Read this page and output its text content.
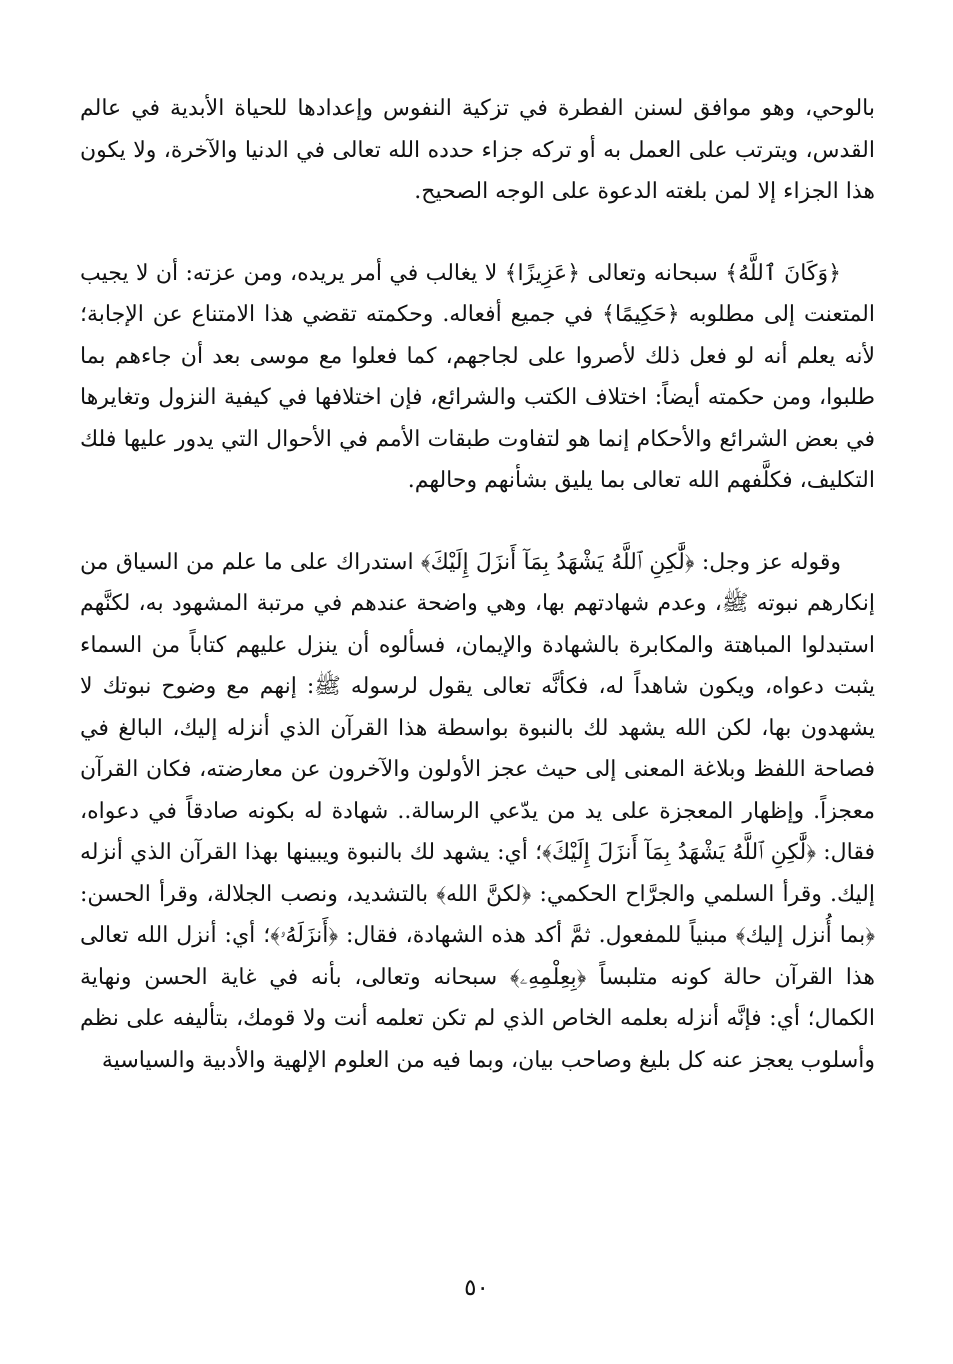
بالوحي، وهو موافق لسنن الفطرة في تزكية النفوس وإعدادها للحياة الأبدية في عالم القدس، ويترتب على العمل به أو تركه جزاء حدده الله تعالى في الدنيا والآخرة، ولا يكون هذا الجزاء إلا لمن بلغته الدعوة على الوجه الصحيح.

﴿وَكَانَ ٱللَّهُ﴾ سبحانه وتعالى ﴿عَزِيزًا﴾ لا يغالب في أمر يريده، ومن عزته: أن لا يجيب المتعنت إلى مطلوبه ﴿حَكِيمًا﴾ في جميع أفعاله. وحكمته تقضي هذا الامتناع عن الإجابة؛ لأنه يعلم أنه لو فعل ذلك لأصروا على لجاجهم، كما فعلوا مع موسى بعد أن جاءهم بما طلبوا، ومن حكمته أيضاً: اختلاف الكتب والشرائع، فإن اختلافها في كيفية النزول وتغايرها في بعض الشرائع والأحكام إنما هو لتفاوت طبقات الأمم في الأحوال التي يدور عليها فلك التكليف، فكلَّفهم الله تعالى بما يليق بشأنهم وحالهم.

وقوله عز وجل: ﴿لَّٰكِنِ ٱللَّهُ يَشْهَدُ بِمَآ أَنزَلَ إِلَيْكَ﴾ استدراك على ما علم من السياق من إنكارهم نبوته ﷺ، وعدم شهادتهم بها، وهي واضحة عندهم في مرتبة المشهود به، لكنَّهم استبدلوا المباهتة والمكابرة بالشهادة والإيمان، فسألوه أن ينزل عليهم كتاباً من السماء يثبت دعواه، ويكون شاهداً له، فكأنَّه تعالى يقول لرسوله ﷺ: إنهم مع وضوح نبوتك لا يشهدون بها، لكن الله يشهد لك بالنبوة بواسطة هذا القرآن الذي أنزله إليك، البالغ في فصاحة اللفظ وبلاغة المعنى إلى حيث عجز الأولون والآخرون عن معارضته، فكان القرآن معجزاً. وإظهار المعجزة على يد من يدّعي الرسالة.. شهادة له بكونه صادقاً في دعواه، فقال: ﴿لَّٰكِنِ ٱللَّهُ يَشْهَدُ بِمَآ أَنزَلَ إِلَيْكَ﴾؛ أي: يشهد لك بالنبوة ويبينها بهذا القرآن الذي أنزله إليك. وقرأ السلمي والجرَّاح الحكمي: ﴿لكنَّ الله﴾ بالتشديد، ونصب الجلالة، وقرأ الحسن: ﴿بما أُنزل إليك﴾ مبنياً للمفعول. ثمَّ أكد هذه الشهادة، فقال: ﴿أَنزَلَهُۥ﴾؛ أي: أنزل الله تعالى هذا القرآن حالة كونه متلبساً ﴿بِعِلْمِهِۦ﴾ سبحانه وتعالى، بأنه في غاية الحسن ونهاية الكمال؛ أي: فإنَّه أنزله بعلمه الخاص الذي لم تكن تعلمه أنت ولا قومك، بتأليفه على نظم وأسلوب يعجز عنه كل بليغ وصاحب بيان، وبما فيه من العلوم الإلهية والأدبية والسياسية

٥٠
